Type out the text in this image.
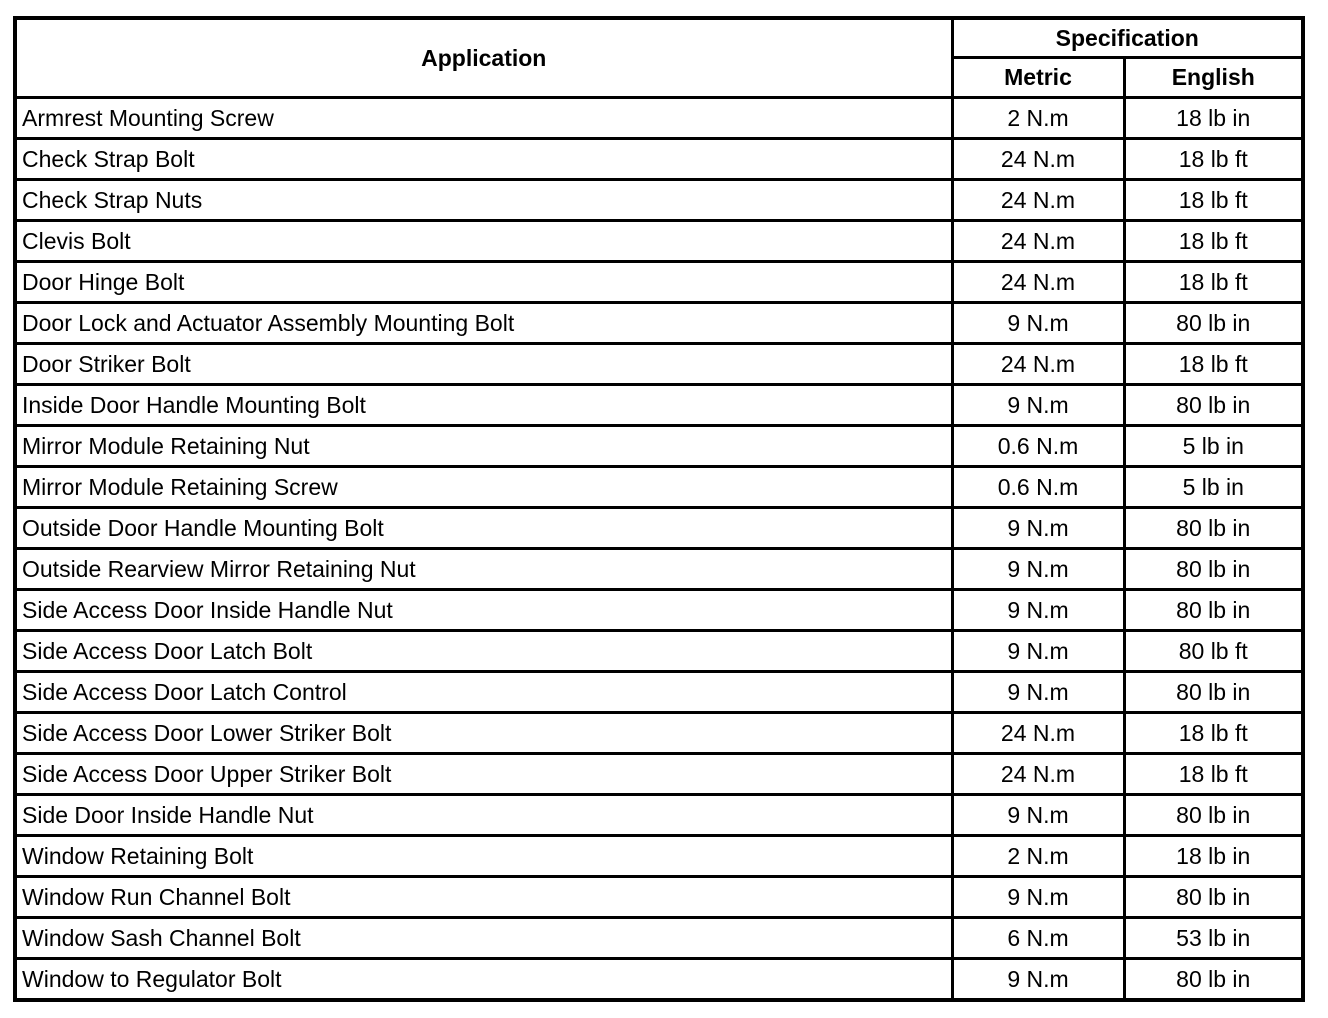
Application	Specification	
	Metric	English
Armrest Mounting Screw	2 N.m	18 lb in
Check Strap Bolt	24 N.m	18 lb ft
Check Strap Nuts	24 N.m	18 lb ft
Clevis Bolt	24 N.m	18 lb ft
Door Hinge Bolt	24 N.m	18 lb ft
Door Lock and Actuator Assembly Mounting Bolt	9 N.m	80 lb in
Door Striker Bolt	24 N.m	18 lb ft
Inside Door Handle Mounting Bolt	9 N.m	80 lb in
Mirror Module Retaining Nut	0.6 N.m	5 lb in
Mirror Module Retaining Screw	0.6 N.m	5 lb in
Outside Door Handle Mounting Bolt	9 N.m	80 lb in
Outside Rearview Mirror Retaining Nut	9 N.m	80 lb in
Side Access Door Inside Handle Nut	9 N.m	80 lb in
Side Access Door Latch Bolt	9 N.m	80 lb ft
Side Access Door Latch Control	9 N.m	80 lb in
Side Access Door Lower Striker Bolt	24 N.m	18 lb ft
Side Access Door Upper Striker Bolt	24 N.m	18 lb ft
Side Door Inside Handle Nut	9 N.m	80 lb in
Window Retaining Bolt	2 N.m	18 lb in
Window Run Channel Bolt	9 N.m	80 lb in
Window Sash Channel Bolt	6 N.m	53 lb in
Window to Regulator Bolt	9 N.m	80 lb in
